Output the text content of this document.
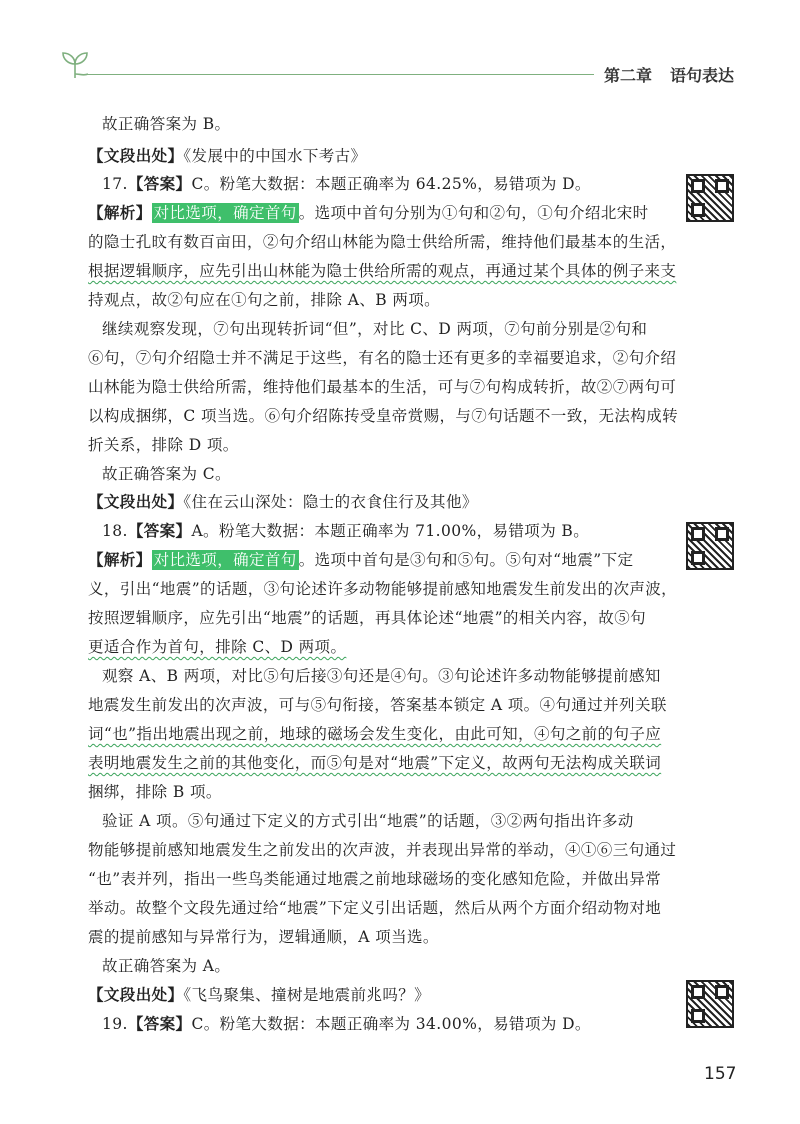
第二章 语句表达
故正确答案为 B。
【文段出处】《发展中的中国水下考古》
17.【答案】C。粉笔大数据：本题正确率为 64.25%，易错项为 D。
【解析】 对比选项，确定首句 。选项中首句分别为①句和②句，①句介绍北宋时
的隐士孔旼有数百亩田，②句介绍山林能为隐士供给所需，维持他们最基本的生活，
根据逻辑顺序，应先引出山林能为隐士供给所需的观点，再通过某个具体的例子来支
持观点，故②句应在①句之前，排除 A、B 两项。
继续观察发现，⑦句出现转折词“但”，对比 C、D 两项，⑦句前分别是②句和
⑥句，⑦句介绍隐士并不满足于这些，有名的隐士还有更多的幸福要追求，②句介绍
山林能为隐士供给所需，维持他们最基本的生活，可与⑦句构成转折，故②⑦两句可
以构成捆绑，C 项当选。⑥句介绍陈抟受皇帝赏赐，与⑦句话题不一致，无法构成转
折关系，排除 D 项。
故正确答案为 C。
【文段出处】《住在云山深处：隐士的衣食住行及其他》
18.【答案】A。粉笔大数据：本题正确率为 71.00%，易错项为 B。
【解析】 对比选项，确定首句 。选项中首句是③句和⑤句。⑤句对“地震”下定
义，引出“地震”的话题，③句论述许多动物能够提前感知地震发生前发出的次声波，
按照逻辑顺序，应先引出“地震”的话题，再具体论述“地震”的相关内容，故⑤句
更适合作为首句，排除 C、D 两项。
观察 A、B 两项，对比⑤句后接③句还是④句。③句论述许多动物能够提前感知
地震发生前发出的次声波，可与⑤句衔接，答案基本锁定 A 项。④句通过并列关联
词“也”指出地震出现之前，地球的磁场会发生变化，由此可知，④句之前的句子应
表明地震发生之前的其他变化，而⑤句是对“地震”下定义，故两句无法构成关联词
捆绑，排除 B 项。
验证 A 项。⑤句通过下定义的方式引出“地震”的话题，③②两句指出许多动
物能够提前感知地震发生之前发出的次声波，并表现出异常的举动，④①⑥三句通过
“也”表并列，指出一些鸟类能通过地震之前地球磁场的变化感知危险，并做出异常
举动。故整个文段先通过给“地震”下定义引出话题，然后从两个方面介绍动物对地
震的提前感知与异常行为，逻辑通顺，A 项当选。
故正确答案为 A。
【文段出处】《飞鸟聚集、撞树是地震前兆吗？》
19.【答案】C。粉笔大数据：本题正确率为 34.00%，易错项为 D。
157
